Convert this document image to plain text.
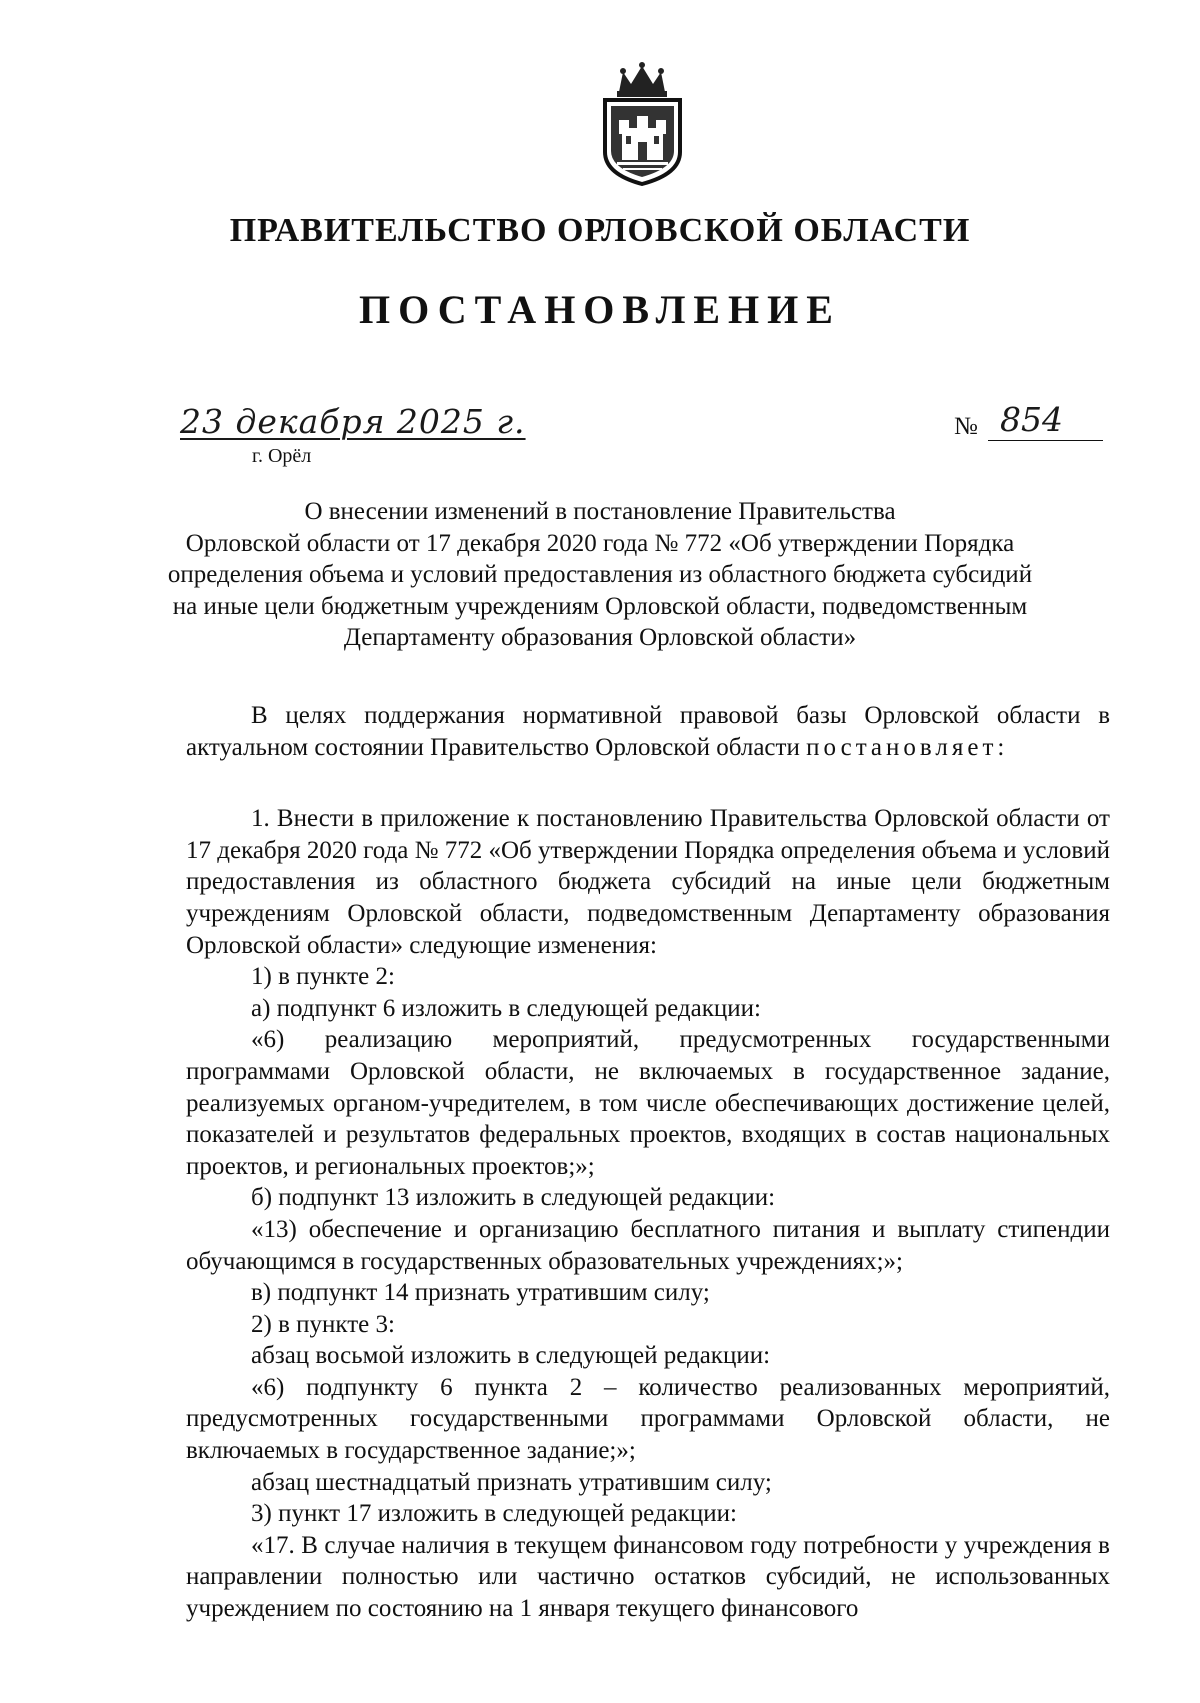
ПРАВИТЕЛЬСТВО ОРЛОВСКОЙ ОБЛАСТИ
ПОСТАНОВЛЕНИЕ
23 декабря 2025 г.
г. Орёл
№ 854
О внесении изменений в постановление Правительства
Орловской области от 17 декабря 2020 года № 772 «Об утверждении Порядка
определения объема и условий предоставления из областного бюджета субсидий
на иные цели бюджетным учреждениям Орловской области, подведомственным
Департаменту образования Орловской области»

В целях поддержания нормативной правовой базы Орловской области в актуальном состоянии Правительство Орловской области постановляет:

1. Внести в приложение к постановлению Правительства Орловской области от 17 декабря 2020 года № 772 «Об утверждении Порядка определения объема и условий предоставления из областного бюджета субсидий на иные цели бюджетным учреждениям Орловской области, подведомственным Департаменту образования Орловской области» следующие изменения:

1) в пункте 2:

а) подпункт 6 изложить в следующей редакции:

«6) реализацию мероприятий, предусмотренных государственными программами Орловской области, не включаемых в государственное задание, реализуемых органом-учредителем, в том числе обеспечивающих достижение целей, показателей и результатов федеральных проектов, входящих в состав национальных проектов, и региональных проектов;»;

б) подпункт 13 изложить в следующей редакции:

«13) обеспечение и организацию бесплатного питания и выплату стипендии обучающимся в государственных образовательных учреждениях;»;

в) подпункт 14 признать утратившим силу;

2) в пункте 3:

абзац восьмой изложить в следующей редакции:

«6) подпункту 6 пункта 2 – количество реализованных мероприятий, предусмотренных государственными программами Орловской области, не включаемых в государственное задание;»;

абзац шестнадцатый признать утратившим силу;

3) пункт 17 изложить в следующей редакции:

«17. В случае наличия в текущем финансовом году потребности у учреждения в направлении полностью или частично остатков субсидий, не использованных учреждением по состоянию на 1 января текущего финансового
